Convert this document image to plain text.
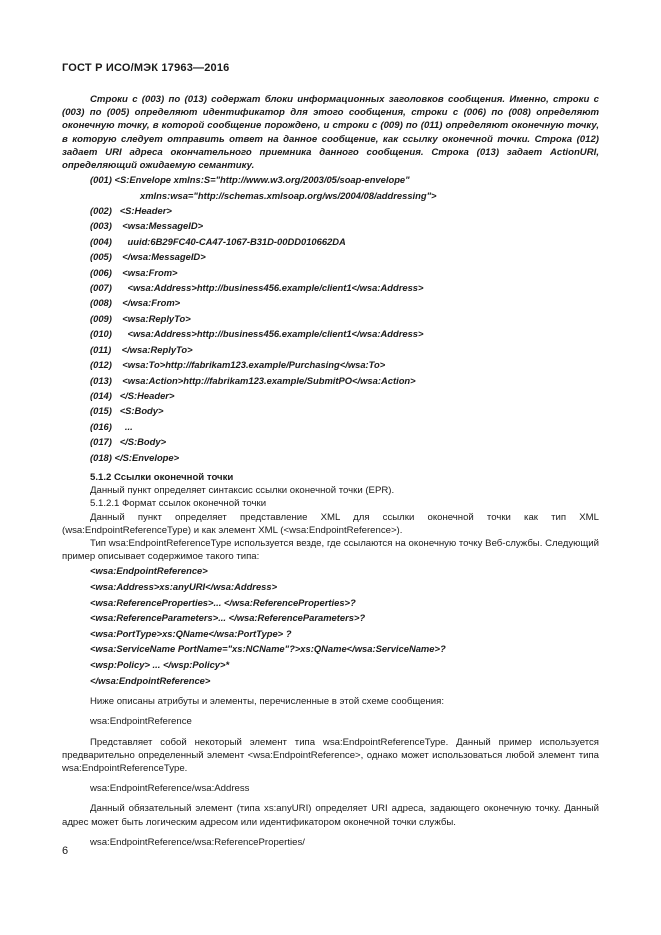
ГОСТ Р ИСО/МЭК 17963—2016

Строки с (003) по (013) содержат блоки информационных заголовков сообщения. Именно, строки с (003) по (005) определяют идентификатор для этого сообщения, строки с (006) по (008) определяют оконечную точку, в которой сообщение порождено, и строки с (009) по (011) определяют оконечную точку, в которую следует отправить ответ на данное сообщение, как ссылку оконечной точки. Строка (012) задает URI адреса окончательного приемника данного сообщения. Строка (013) задает ActionURI, определяющий ожидаемую семантику.

(001) <S:Envelope xmlns:S="http://www.w3.org/2003/05/soap-envelope"

xmlns:wsa="http://schemas.xmlsoap.org/ws/2004/08/addressing">

(002)   <S:Header>

(003)    <wsa:MessageID>

(004)      uuid:6B29FC40-CA47-1067-B31D-00DD010662DA

(005)    </wsa:MessageID>

(006)    <wsa:From>

(007)      <wsa:Address>http://business456.example/client1</wsa:Address>

(008)    </wsa:From>

(009)    <wsa:ReplyTo>

(010)      <wsa:Address>http://business456.example/client1</wsa:Address>

(011)    </wsa:ReplyTo>

(012)    <wsa:To>http://fabrikam123.example/Purchasing</wsa:To>

(013)    <wsa:Action>http://fabrikam123.example/SubmitPO</wsa:Action>

(014)   </S:Header>

(015)   <S:Body>

(016)     ...

(017)   </S:Body>

(018) </S:Envelope>

5.1.2 Ссылки оконечной точки

Данный пункт определяет синтаксис ссылки оконечной точки (EPR).

5.1.2.1 Формат ссылок оконечной точки

Данный пункт определяет представление XML для ссылки оконечной точки как тип XML (wsa:EndpointReferenceType) и как элемент XML (<wsa:EndpointReference>).

Тип wsa:EndpointReferenceType используется везде, где ссылаются на оконечную точку Веб-службы. Следующий пример описывает содержимое такого типа:

<wsa:EndpointReference>

<wsa:Address>xs:anyURI</wsa:Address>

<wsa:ReferenceProperties>... </wsa:ReferenceProperties>?

<wsa:ReferenceParameters>... </wsa:ReferenceParameters>?

<wsa:PortType>xs:QName</wsa:PortType> ?

<wsa:ServiceName PortName="xs:NCName"?>xs:QName</wsa:ServiceName>?

<wsp:Policy> ... </wsp:Policy>*

</wsa:EndpointReference>

Ниже описаны атрибуты и элементы, перечисленные в этой схеме сообщения:

wsa:EndpointReference

Представляет собой некоторый элемент типа wsa:EndpointReferenceType. Данный пример используется предварительно определенный элемент <wsa:EndpointReference>, однако может использоваться любой элемент типа wsa:EndpointReferenceType.

wsa:EndpointReference/wsa:Address

Данный обязательный элемент (типа xs:anyURI) определяет URI адреса, задающего оконечную точку. Данный адрес может быть логическим адресом или идентификатором оконечной точки службы.

wsa:EndpointReference/wsa:ReferenceProperties/

6
